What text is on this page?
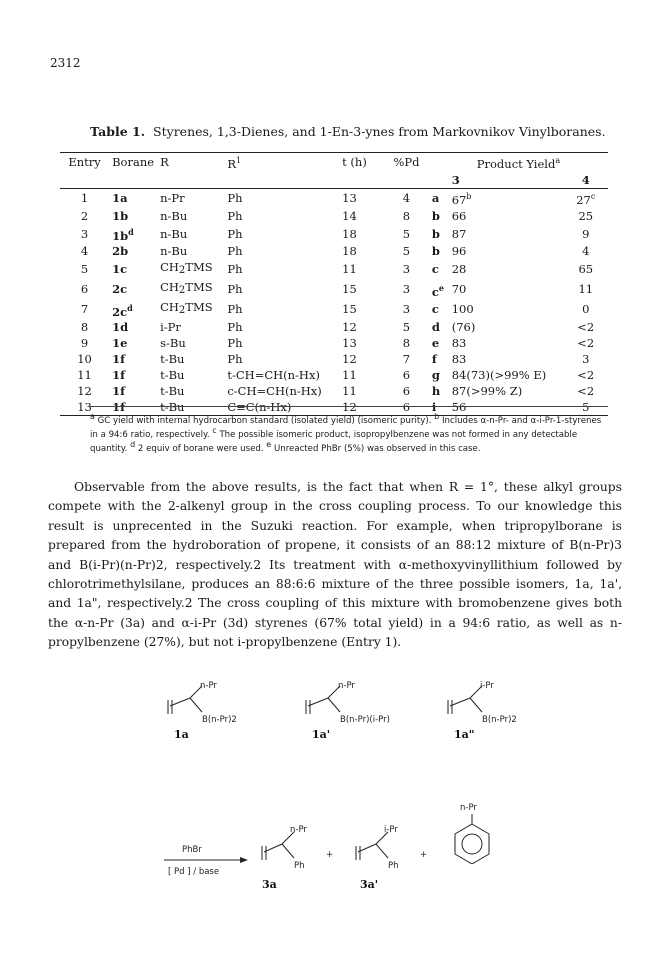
2312
Table 1. Styrenes, 1,3-Dienes, and 1-En-3-ynes from Markovnikov Vinylboranes.
Entry	Borane	R	$R^1$	t (h)	%Pd	Product Yield$^a$
							3	4
1	1a	n-Pr	Ph	13	4	a	67$^b$	27$^c$
2	1b	n-Bu	Ph	14	8	b	66	25
3	$1b^d$	n-Bu	Ph	18	5	b	87	9
4	2b	n-Bu	Ph	18	5	b	96	4
5	1c	CH2TMS	Ph	11	3	c	28	65
6	2c	CH2TMS	Ph	15	3	$c^e$	70	11
7	$2c^d$	CH2TMS	Ph	15	3	c	100	0
8	1d	i-Pr	Ph	12	5	d	(76)	<2
9	1e	s-Bu	Ph	13	8	e	83	<2
10	1f	t-Bu	Ph	12	7	f	83	3
11	1f	t-Bu	t-CH=CH(n-Hx)	11	6	g	84(73)(>99% E)	<2
12	1f	t-Bu	c-CH=CH(n-Hx)	11	6	h	87(>99% Z)	<2
13	1f	t-Bu	C≡C(n-Hx)	12	6	i	56	5
$^a$ GC yield with internal hydrocarbon standard (isolated yield) (isomeric purity). $^b$ Includes α-n-Pr- and α-i-Pr-1-styrenes in a 94:6 ratio, respectively. $^c$ The possible isomeric product, isopropylbenzene was not formed in any detectable quantity. $^d$ 2 equiv of borane were used. $^e$ Unreacted PhBr (5%) was observed in this case.

Observable from the above results, is the fact that when R = 1°, these alkyl groups compete with the 2-alkenyl group in the cross coupling process. To our knowledge this result is unprecented in the Suzuki reaction. For example, when tripropylborane is prepared from the hydroboration of propene, it consists of an 88:12 mixture of B(n-Pr)3 and B(i-Pr)(n-Pr)2, respectively.2 Its treatment with α-methoxyvinyllithium followed by chlorotrimethylsilane, produces an 88:6:6 mixture of the three possible isomers, 1a, 1a', and 1a", respectively.2 The cross coupling of this mixture with bromobenzene gives both the α-n-Pr (3a) and α-i-Pr (3d) styrenes (67% total yield) in a 94:6 ratio, as well as n-propylbenzene (27%), but not i-propylbenzene (Entry 1).

n-Pr
B(n-Pr)2
1a
n-Pr
B(n-Pr)(i-Pr)
1a'
i-Pr
B(n-Pr)2
1a"
PhBr
[ Pd ] / base
n-Pr
Ph
3a
+
i-Pr
Ph
3a'
+
n-Pr
